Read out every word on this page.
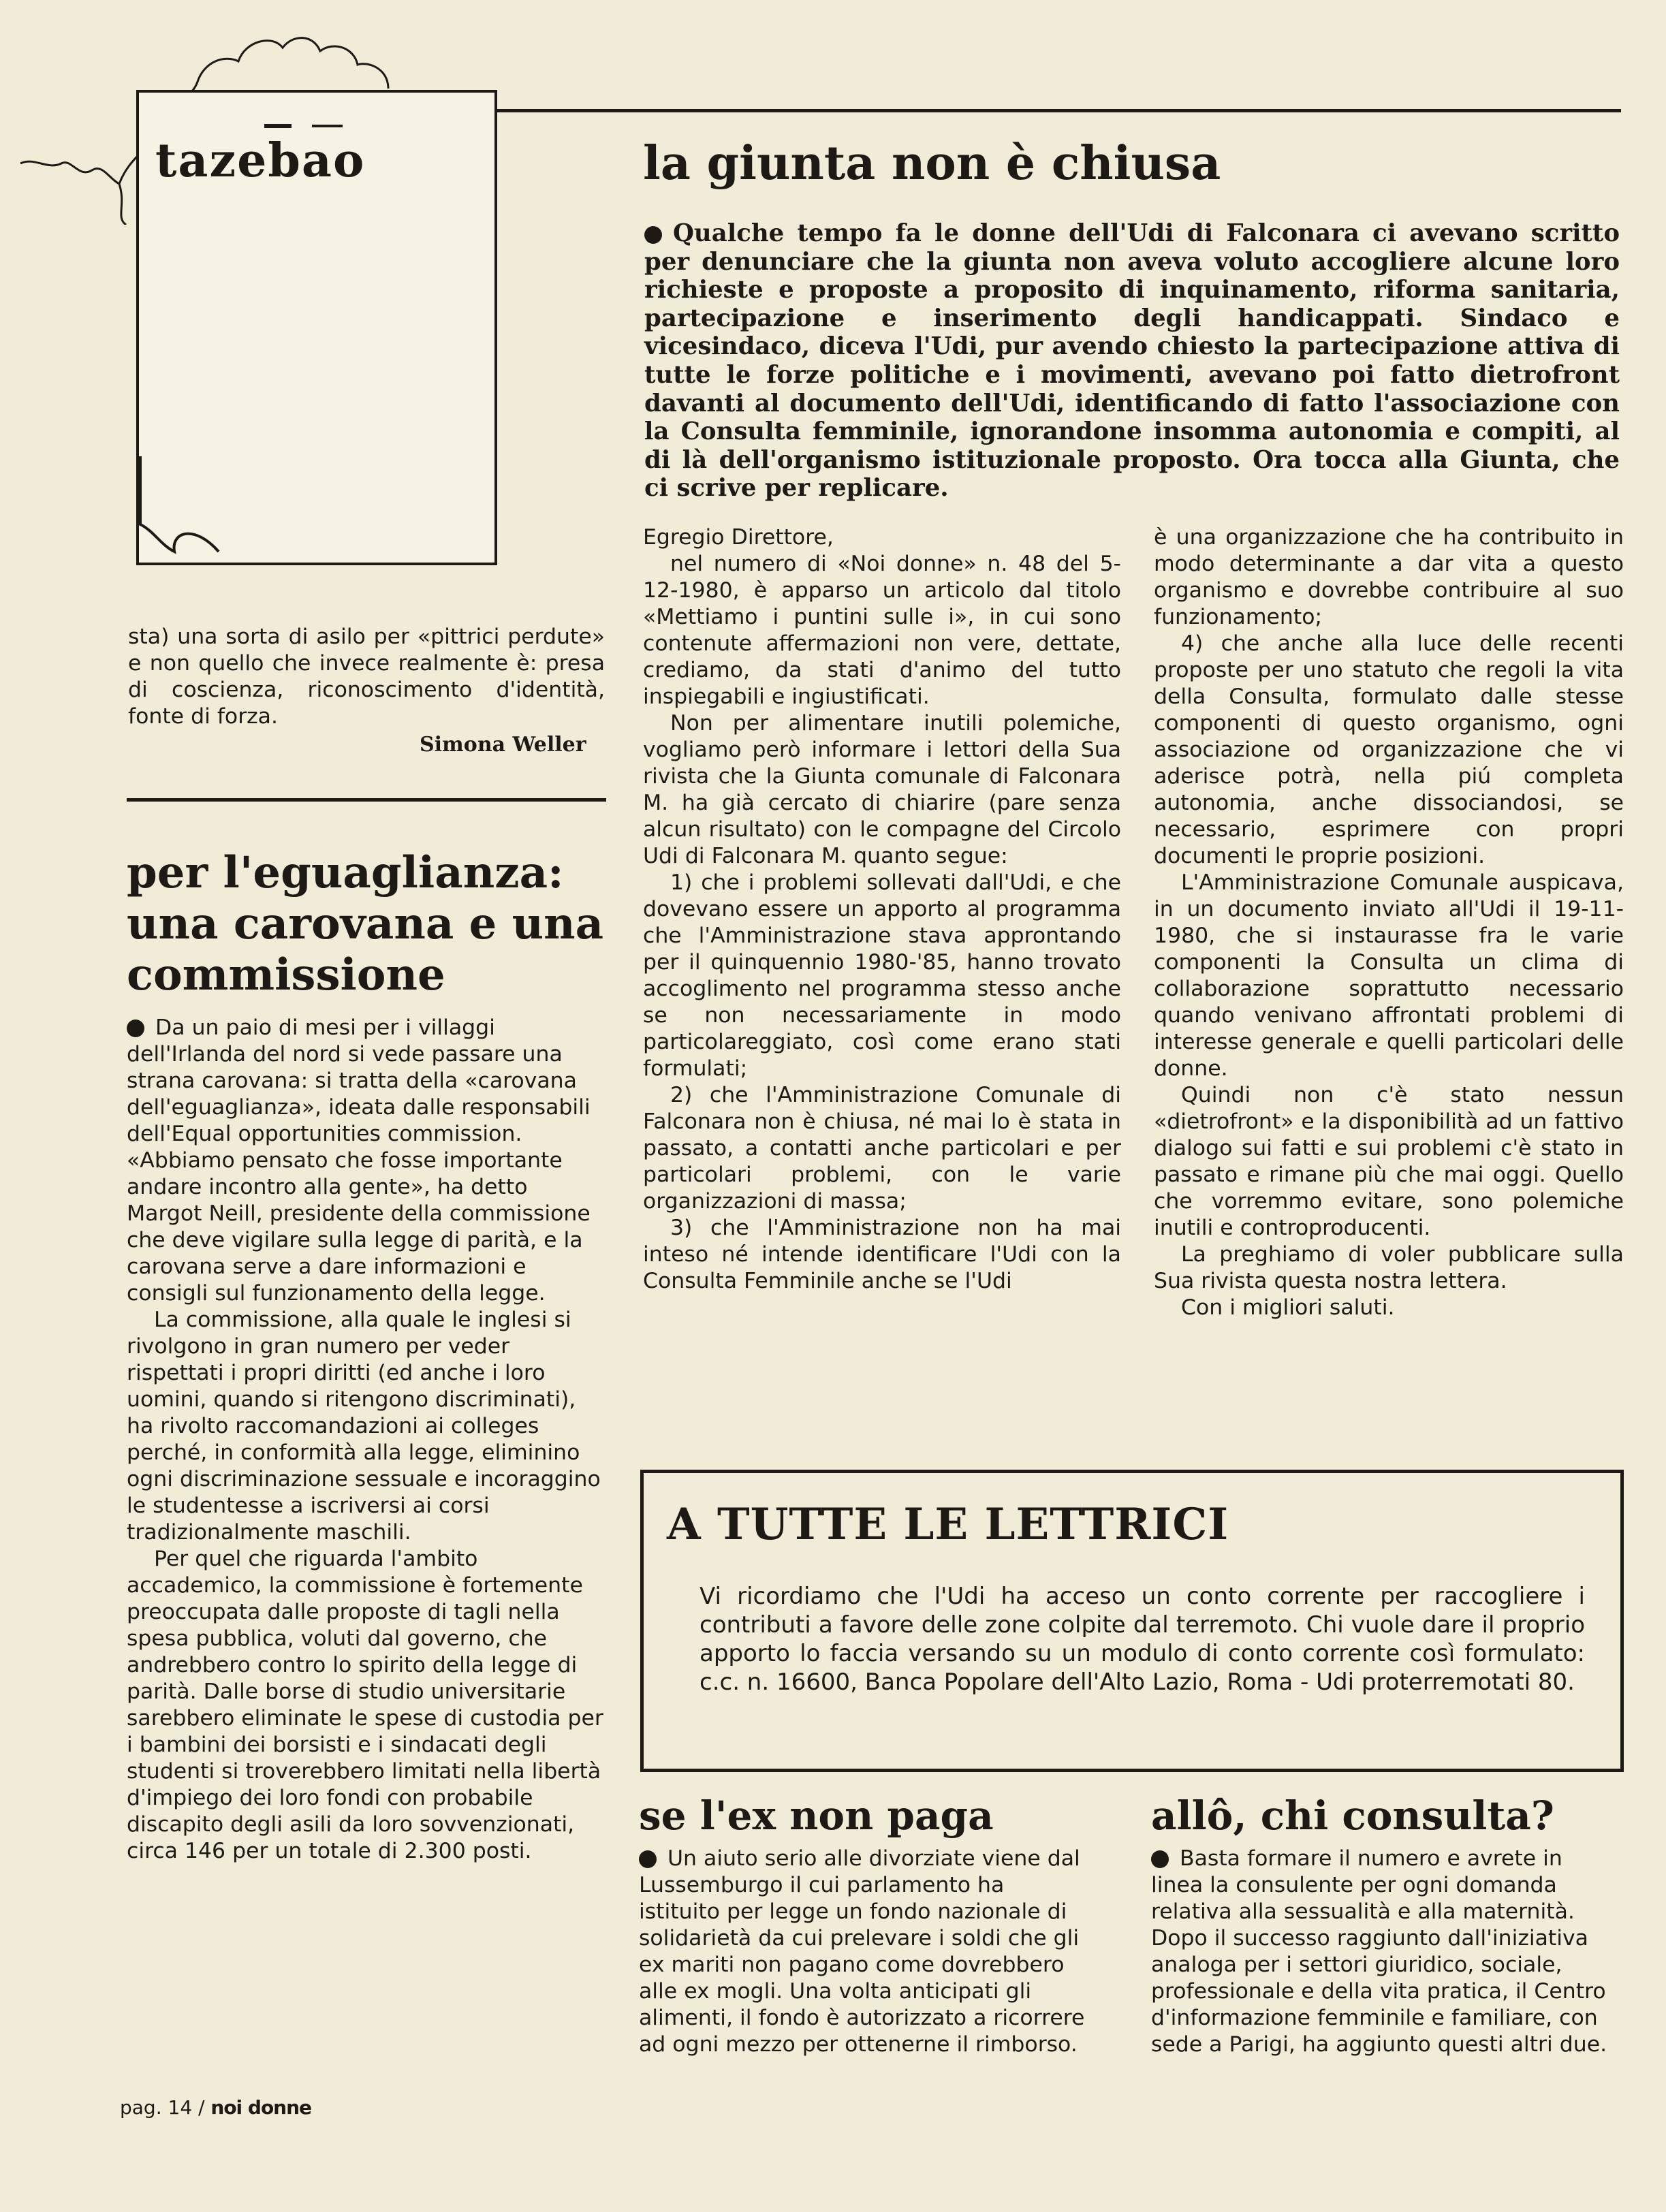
tazebao	la giunta non è chiusa

Qualche tempo fa le donne dell'Udi di Falconara ci avevano scritto per denunciare che la giunta non aveva voluto accogliere alcune loro richieste e proposte a proposito di inquinamento, riforma sanitaria, partecipazione e inserimento degli handicappati. Sindaco e vicesindaco, diceva l'Udi, pur avendo chiesto la partecipazione attiva di tutte le forze politiche e i movimenti, avevano poi fatto dietrofront davanti al documento dell'Udi, identificando di fatto l'associazione con la Consulta femminile, ignorandone insomma autonomia e compiti, al di là dell'organismo istituzionale proposto. Ora tocca alla Giunta, che ci scrive per replicare.

Egregio Direttore,

nel numero di «Noi donne» n. 48 del 5-12-1980, è apparso un articolo dal titolo «Mettiamo i puntini sulle i», in cui sono contenute affermazioni non vere, dettate, crediamo, da stati d'animo del tutto inspiegabili e ingiustificati.

Non per alimentare inutili polemiche, vogliamo però informare i lettori della Sua rivista che la Giunta comunale di Falconara M. ha già cercato di chiarire (pare senza alcun risultato) con le compagne del Circolo Udi di Falconara M. quanto segue:

1) che i problemi sollevati dall'Udi, e che dovevano essere un apporto al programma che l'Amministrazione stava approntando per il quinquennio 1980-'85, hanno trovato accoglimento nel programma stesso anche se non necessariamente in modo particolareggiato, così come erano stati formulati;

2) che l'Amministrazione Comunale di Falconara non è chiusa, né mai lo è stata in passato, a contatti anche particolari e per particolari problemi, con le varie organizzazioni di massa;

3) che l'Amministrazione non ha mai inteso né intende identificare l'Udi con la Consulta Femminile anche se l'Udi

è una organizzazione che ha contribuito in modo determinante a dar vita a questo organismo e dovrebbe contribuire al suo funzionamento;

4) che anche alla luce delle recenti proposte per uno statuto che regoli la vita della Consulta, formulato dalle stesse componenti di questo organismo, ogni associazione od organizzazione che vi aderisce potrà, nella piú completa autonomia, anche dissociandosi, se necessario, esprimere con propri documenti le proprie posizioni.

L'Amministrazione Comunale auspicava, in un documento inviato all'Udi il 19-11-1980, che si instaurasse fra le varie componenti la Consulta un clima di collaborazione soprattutto necessario quando venivano affrontati problemi di interesse generale e quelli particolari delle donne.

Quindi non c'è stato nessun «dietrofront» e la disponibilità ad un fattivo dialogo sui fatti e sui problemi c'è stato in passato e rimane più che mai oggi. Quello che vorremmo evitare, sono polemiche inutili e controproducenti.

La preghiamo di voler pubblicare sulla Sua rivista questa nostra lettera.

Con i migliori saluti.

sta) una sorta di asilo per «pittrici perdute» e non quello che invece realmente è: presa di coscienza, riconoscimento d'identità, fonte di forza.

Simona Weller
per l'eguaglianza: una carovana e una commissione

Da un paio di mesi per i villaggi dell'Irlanda del nord si vede passare una strana carovana: si tratta della «carovana dell'eguaglianza», ideata dalle responsabili dell'Equal opportunities commission. «Abbiamo pensato che fosse importante andare incontro alla gente», ha detto Margot Neill, presidente della commissione che deve vigilare sulla legge di parità, e la carovana serve a dare informazioni e consigli sul funzionamento della legge.

La commissione, alla quale le inglesi si rivolgono in gran numero per veder rispettati i propri diritti (ed anche i loro uomini, quando si ritengono discriminati), ha rivolto raccomandazioni ai colleges perché, in conformità alla legge, eliminino ogni discriminazione sessuale e incoraggino le studentesse a iscriversi ai corsi tradizionalmente maschili.

Per quel che riguarda l'ambito accademico, la commissione è fortemente preoccupata dalle proposte di tagli nella spesa pubblica, voluti dal governo, che andrebbero contro lo spirito della legge di parità. Dalle borse di studio universitarie sarebbero eliminate le spese di custodia per i bambini dei borsisti e i sindacati degli studenti si troverebbero limitati nella libertà d'impiego dei loro fondi con probabile discapito degli asili da loro sovvenzionati, circa 146 per un totale di 2.300 posti.

A TUTTE LE LETTRICI

Vi ricordiamo che l'Udi ha acceso un conto corrente per raccogliere i contributi a favore delle zone colpite dal terremoto. Chi vuole dare il proprio apporto lo faccia versando su un modulo di conto corrente così formulato: c.c. n. 16600, Banca Popolare dell'Alto Lazio, Roma - Udi proterremotati 80.

se l'ex non paga

Un aiuto serio alle divorziate viene dal Lussemburgo il cui parlamento ha istituito per legge un fondo nazionale di solidarietà da cui prelevare i soldi che gli ex mariti non pagano come dovrebbero alle ex mogli. Una volta anticipati gli alimenti, il fondo è autorizzato a ricorrere ad ogni mezzo per ottenerne il rimborso.

allô, chi consulta?

Basta formare il numero e avrete in linea la consulente per ogni domanda relativa alla sessualità e alla maternità. Dopo il successo raggiunto dall'iniziativa analoga per i settori giuridico, sociale, professionale e della vita pratica, il Centro d'informazione femminile e familiare, con sede a Parigi, ha aggiunto questi altri due.

pag. 14 / noi donne
